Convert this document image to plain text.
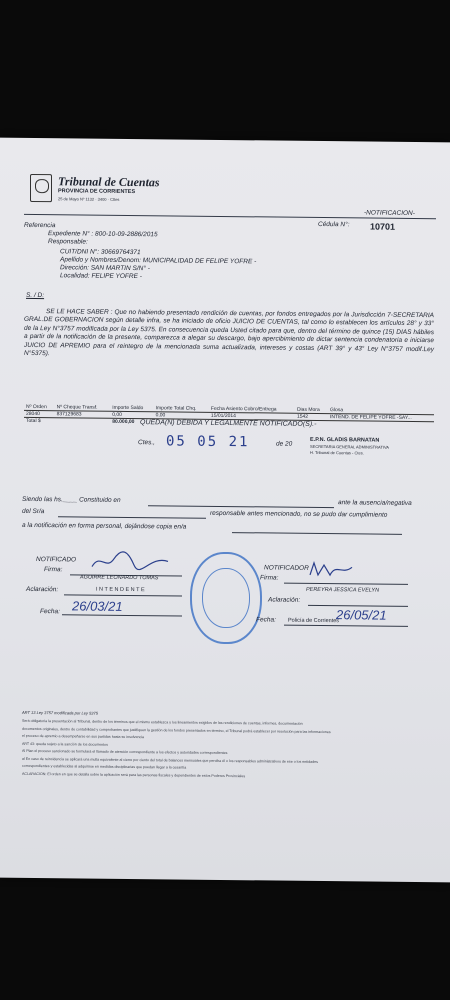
Tribunal de Cuentas
PROVINCIA DE CORRIENTES
25 de Mayo Nº 1132 · 3400 · Cttes
-NOTIFICACION-
Cédula N°: 10701
Referencia
Expediente N° : 800-10-09-2886/2015
Responsable:
CUIT/DNI N°: 30669764371
Apellido y Nombres/Denom: MUNICIPALIDAD DE FELIPE YOFRE -
Dirección: SAN MARTIN S/N° -
Localidad: FELIPE YOFRE -
S. / D:
SE LE HACE SABER : Que no habiendo presentado rendición de cuentas, por fondos entregados por la Jurisdicción 7-SECRETARIA GRAL.DE GOBERNACION según detalle infra, se ha iniciado de oficio JUICIO DE CUENTAS, tal como lo establecen los artículos 28° y 33° de la Ley N°3757 modificada por la Ley 5375. En consecuencia queda Usted citado para que, dentro del término de quince (15) DIAS hábiles a partir de la notificación de la presente, comparezca a alegar su descargo, bajo apercibimiento de dictar sentencia condenatoria e iniciarse JUICIO DE APREMIO para el reintegro de la mencionada suma actualizada, intereses y costas (ART 39° y 43° Ley N°3757 modif.Ley N°5375).
Nº Orden	Nº Cheque Transf.	Importe Saldo	Importe Total Chq.	Fecha Asiento Cobro/Entrega	Dias Mora	Glosa
28040	837129683	0,00	0,00	15/01/2014	1542	INTEND. DE FELIPE YOFRE -SAY...
Total $		80.000,00				QUEDA(N) DEBIDA Y LEGALMENTE NOTIFICADO(S).-
Ctes., 05 05 21	de 20
E.P.N. GLADIS BARNATAN
SECRETARIA GENERAL ADMINISTRATIVA
H. Tribunal de Cuentas - Ctes.
Siendo las hs.____ Constituido en	ante la ausencia/negativa
del Sr/a	responsable antes mencionado, no se pudo dar cumplimiento
a la notificación en forma personal, dejándose copia en/a
NOTIFICADO
Firma:
AGUIRRE LEONARDO TOMAS
Aclaración:	INTENDENTE
Fecha: 26/03/21
NOTIFICADOR
Firma:
PEREYRA JESSICA EVELYN
Aclaración:
Fecha: Policía de Corrientes
26/05/21
ART 13 Ley 3757 modificada por Ley 5375
Será obligatoria la presentación al Tribunal, dentro de los términos que el mismo establezca y los lineamientos exigidos de las rendiciones de cuentas, informes, documentación
documentos originales, dentro de contabilidad y comprobantes que justifiquen la gestión de los fondos presentados en término, el Tribunal podrá establecer por resolución para las informaciones
el proceso de apremio a desempeñarse en sus partidas hasta su insolvencia
ART 43: queda sujeto a la sanción de los documentos
Al Plan el proceso sancionado se formulará el llamado de atención correspondiente a los efectos y autoridades correspondientes
al En caso de reincidencia se aplicará una multa equivalente al cierre por ciento del total de balances mensuales que perciba él o los responsables administrativos de ese o los entidades
correspondientes y establecidas al adquirirse en medidas disciplinarias que puedan llegar a la cesantía
ACLARACION: El orden en que se detalla sobre la aplicación será para las personas fiscales y dependientes de estos Poderes Provinciales
